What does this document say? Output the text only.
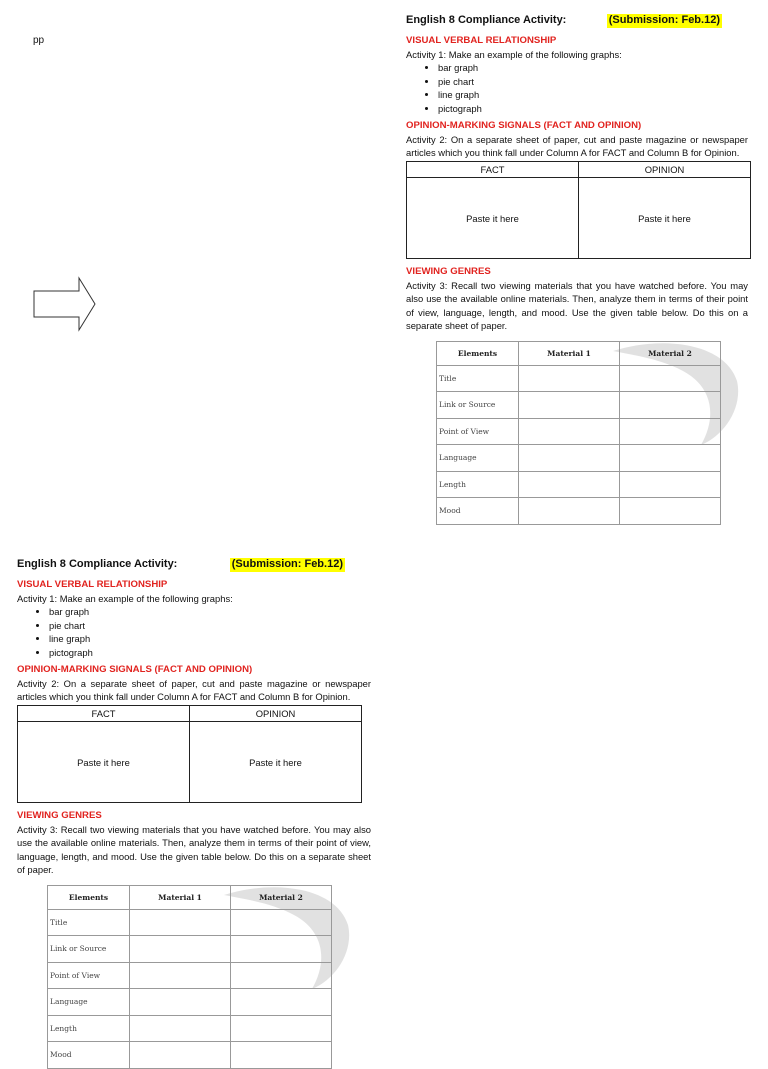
pp
English 8 Compliance Activity:	(Submission: Feb.12)
VISUAL VERBAL RELATIONSHIP
Activity 1: Make an example of the following graphs:
• bar graph
• pie chart
• line graph
• pictograph
OPINION-MARKING SIGNALS (FACT AND OPINION)
Activity 2: On a separate sheet of paper, cut and paste magazine or newspaper articles which you think fall under Column A for FACT and Column B for Opinion.
FACT	OPINION
Paste it here	Paste it here
VIEWING GENRES
Activity 3: Recall two viewing materials that you have watched before. You may also use the available online materials. Then, analyze them in terms of their point of view, language, length, and mood. Use the given table below. Do this on a separate sheet of paper.
Elements	Material 1	Material 2
Title		
Link or Source		
Point of View		
Language		
Length		
Mood		
English 8 Compliance Activity:	(Submission: Feb.12)
VISUAL VERBAL RELATIONSHIP
Activity 1: Make an example of the following graphs:
• bar graph
• pie chart
• line graph
• pictograph
OPINION-MARKING SIGNALS (FACT AND OPINION)
Activity 2: On a separate sheet of paper, cut and paste magazine or newspaper articles which you think fall under Column A for FACT and Column B for Opinion.
FACT	OPINION
Paste it here	Paste it here
VIEWING GENRES
Activity 3: Recall two viewing materials that you have watched before. You may also use the available online materials. Then, analyze them in terms of their point of view, language, length, and mood. Use the given table below. Do this on a separate sheet of paper.
Elements	Material 1	Material 2
Title		
Link or Source		
Point of View		
Language		
Length		
Mood		
